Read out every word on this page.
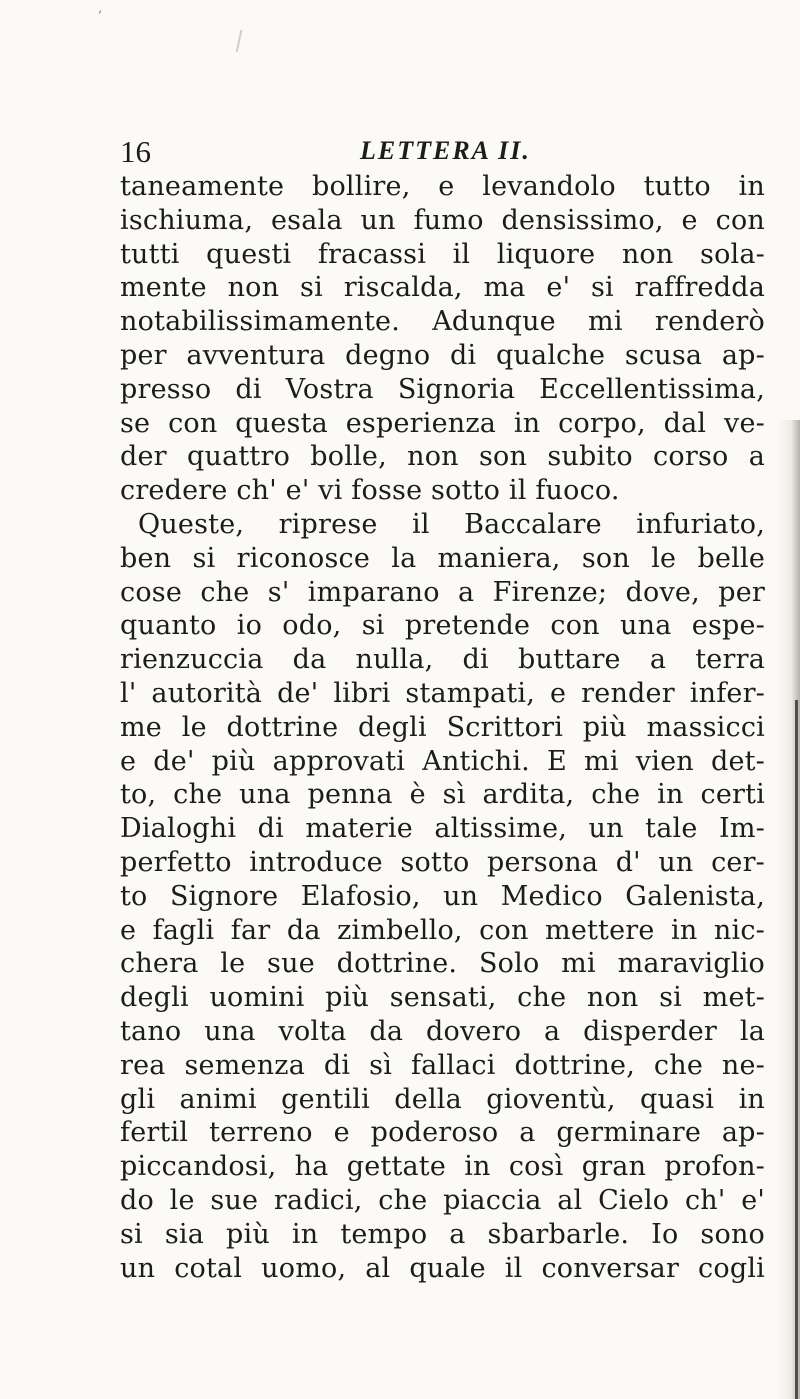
,
16	LETTERA II.
taneamente bollire, e levandolo tutto in
ischiuma, esala un fumo densissimo, e con
tutti questi fracassi il liquore non sola-
mente non si riscalda, ma e' si raffredda
notabilissimamente. Adunque mi renderò
per avventura degno di qualche scusa ap-
presso di Vostra Signoria Eccellentissima,
se con questa esperienza in corpo, dal ve-
der quattro bolle, non son subito corso a
credere ch' e' vi fosse sotto il fuoco.
Queste, riprese il Baccalare infuriato,
ben si riconosce la maniera, son le belle
cose che s' imparano a Firenze; dove, per
quanto io odo, si pretende con una espe-
rienzuccia da nulla, di buttare a terra
l' autorità de' libri stampati, e render infer-
me le dottrine degli Scrittori più massicci
e de' più approvati Antichi. E mi vien det-
to, che una penna è sì ardita, che in certi
Dialoghi di materie altissime, un tale Im-
perfetto introduce sotto persona d' un cer-
to Signore Elafosio, un Medico Galenista,
e fagli far da zimbello, con mettere in nic-
chera le sue dottrine. Solo mi maraviglio
degli uomini più sensati, che non si met-
tano una volta da dovero a disperder la
rea semenza di sì fallaci dottrine, che ne-
gli animi gentili della gioventù, quasi in
fertil terreno e poderoso a germinare ap-
piccandosi, ha gettate in così gran profon-
do le sue radici, che piaccia al Cielo ch' e'
si sia più in tempo a sbarbarle. Io sono
un cotal uomo, al quale il conversar cogli
